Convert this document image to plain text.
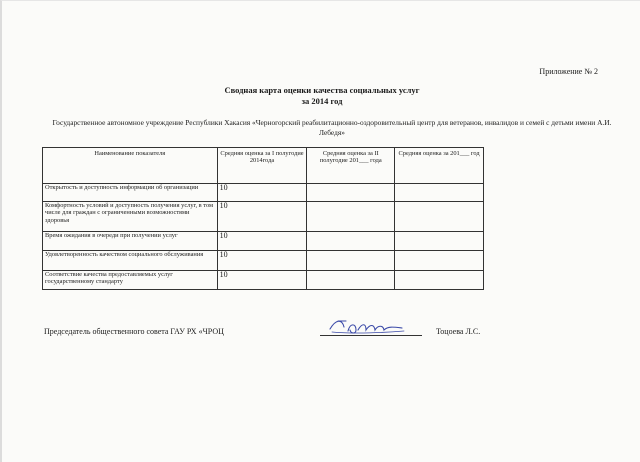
Приложение № 2
Сводная карта оценки качества социальных услуг
за 2014 год
Государственное автономное учреждение Республики Хакасия «Черногорский реабилитационно-оздоровительный центр для ветеранов, инвалидов и семей с детьми имени А.И. Лебедя»
Наименование показателя	Средняя оценка за I полугодие 2014года	Средняя оценка за II полугодие 201___ года	Средняя оценка за 201___ год
Открытость и доступность информации об организации	10		
Комфортность условий и доступность получения услуг, в том числе для граждан с ограниченными возможностями здоровья	10		
Время ожидания в очереди при получении услуг	10		
Удовлетворенность качеством социального обслуживания	10		
Соответствие качества предоставляемых услуг государственному стандарту	10		
Председатель общественного совета ГАУ РХ «ЧРОЦ	Тоцоева Л.С.
